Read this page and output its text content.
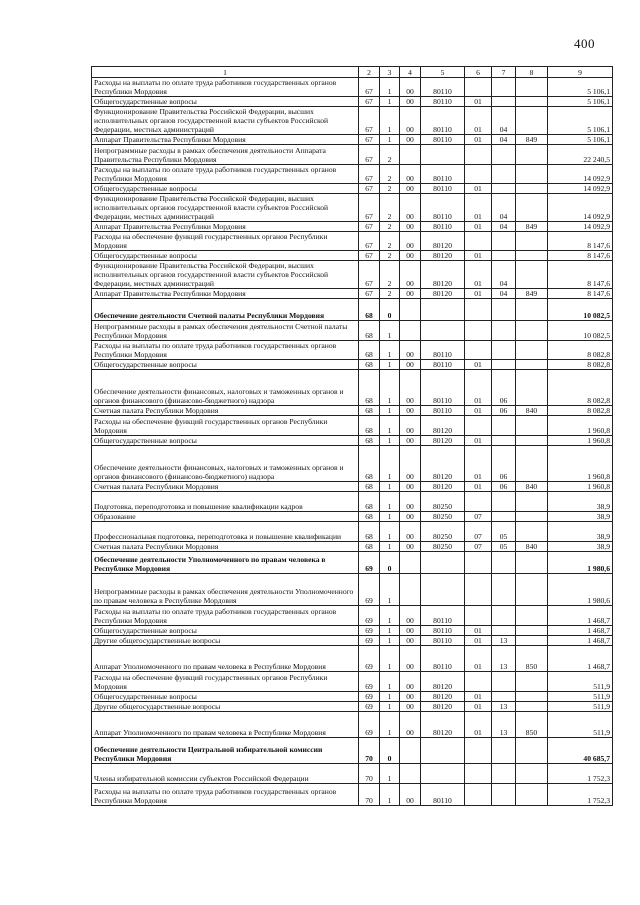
400
1	2	3	4	5	6	7	8	9
Расходы на выплаты по оплате труда работников государственных органов Республики Мордовия	67	1	00	80110				5 106,1
Общегосударственные вопросы	67	1	00	80110	01			5 106,1
Функционирование Правительства Российской Федерации, высших исполнительных органов государственной власти субъектов Российской Федерации, местных администраций	67	1	00	80110	01	04		5 106,1
Аппарат Правительства Республики Мордовия	67	1	00	80110	01	04	849	5 106,1
Непрограммные расходы в рамках обеспечения деятельности Аппарата Правительства Республики Мордовия	67	2						22 240,5
Расходы на выплаты по оплате труда работников государственных органов Республики Мордовия	67	2	00	80110				14 092,9
Общегосударственные вопросы	67	2	00	80110	01			14 092,9
Функционирование Правительства Российской Федерации, высших исполнительных органов государственной власти субъектов Российской Федерации, местных администраций	67	2	00	80110	01	04		14 092,9
Аппарат Правительства Республики Мордовия	67	2	00	80110	01	04	849	14 092,9
Расходы на обеспечение функций государственных органов Республики Мордовия	67	2	00	80120				8 147,6
Общегосударственные вопросы	67	2	00	80120	01			8 147,6
Функционирование Правительства Российской Федерации, высших исполнительных органов государственной власти субъектов Российской Федерации, местных администраций	67	2	00	80120	01	04		8 147,6
Аппарат Правительства Республики Мордовия	67	2	00	80120	01	04	849	8 147,6
Обеспечение деятельности Счетной палаты Республики Мордовия	68	0						10 082,5
Непрограммные расходы в рамках обеспечения деятельности Счетной палаты Республики Мордовия	68	1						10 082,5
Расходы на выплаты по оплате труда работников государственных органов Республики Мордовия	68	1	00	80110				8 082,8
Общегосударственные вопросы	68	1	00	80110	01			8 082,8
Обеспечение деятельности финансовых, налоговых и таможенных органов и органов финансового (финансово-бюджетного) надзора	68	1	00	80110	01	06		8 082,8
Счетная палата Республики Мордовия	68	1	00	80110	01	06	840	8 082,8
Расходы на обеспечение функций государственных органов Республики Мордовия	68	1	00	80120				1 960,8
Общегосударственные вопросы	68	1	00	80120	01			1 960,8
Обеспечение деятельности финансовых, налоговых и таможенных органов и органов финансового (финансово-бюджетного) надзора	68	1	00	80120	01	06		1 960,8
Счетная палата Республики Мордовия	68	1	00	80120	01	06	840	1 960,8
Подготовка, переподготовка и повышение квалификации кадров	68	1	00	80250				38,9
Образование	68	1	00	80250	07			38,9
Профессиональная подготовка, переподготовка и повышение квалификации	68	1	00	80250	07	05		38,9
Счетная палата Республики Мордовия	68	1	00	80250	07	05	840	38,9
Обеспечение деятельности Уполномоченного по правам человека в Республике Мордовия	69	0						1 980,6
Непрограммные расходы в рамках обеспечения деятельности Уполномоченного по правам человека в Республике Мордовия	69	1						1 980,6
Расходы на выплаты по оплате труда работников государственных органов Республики Мордовия	69	1	00	80110				1 468,7
Общегосударственные вопросы	69	1	00	80110	01			1 468,7
Другие общегосударственные вопросы	69	1	00	80110	01	13		1 468,7
Аппарат Уполномоченного по правам человека в Республике Мордовия	69	1	00	80110	01	13	850	1 468,7
Расходы на обеспечение функций государственных органов Республики Мордовия	69	1	00	80120				511,9
Общегосударственные вопросы	69	1	00	80120	01			511,9
Другие общегосударственные вопросы	69	1	00	80120	01	13		511,9
Аппарат Уполномоченного по правам человека в Республике Мордовия	69	1	00	80120	01	13	850	511,9
Обеспечение деятельности Центральной избирательной комиссии Республики Мордовия	70	0						40 685,7
Члены избирательной комиссии субъектов Российской Федерации	70	1						1 752,3
Расходы на выплаты по оплате труда работников государственных органов Республики Мордовия	70	1	00	80110				1 752,3
